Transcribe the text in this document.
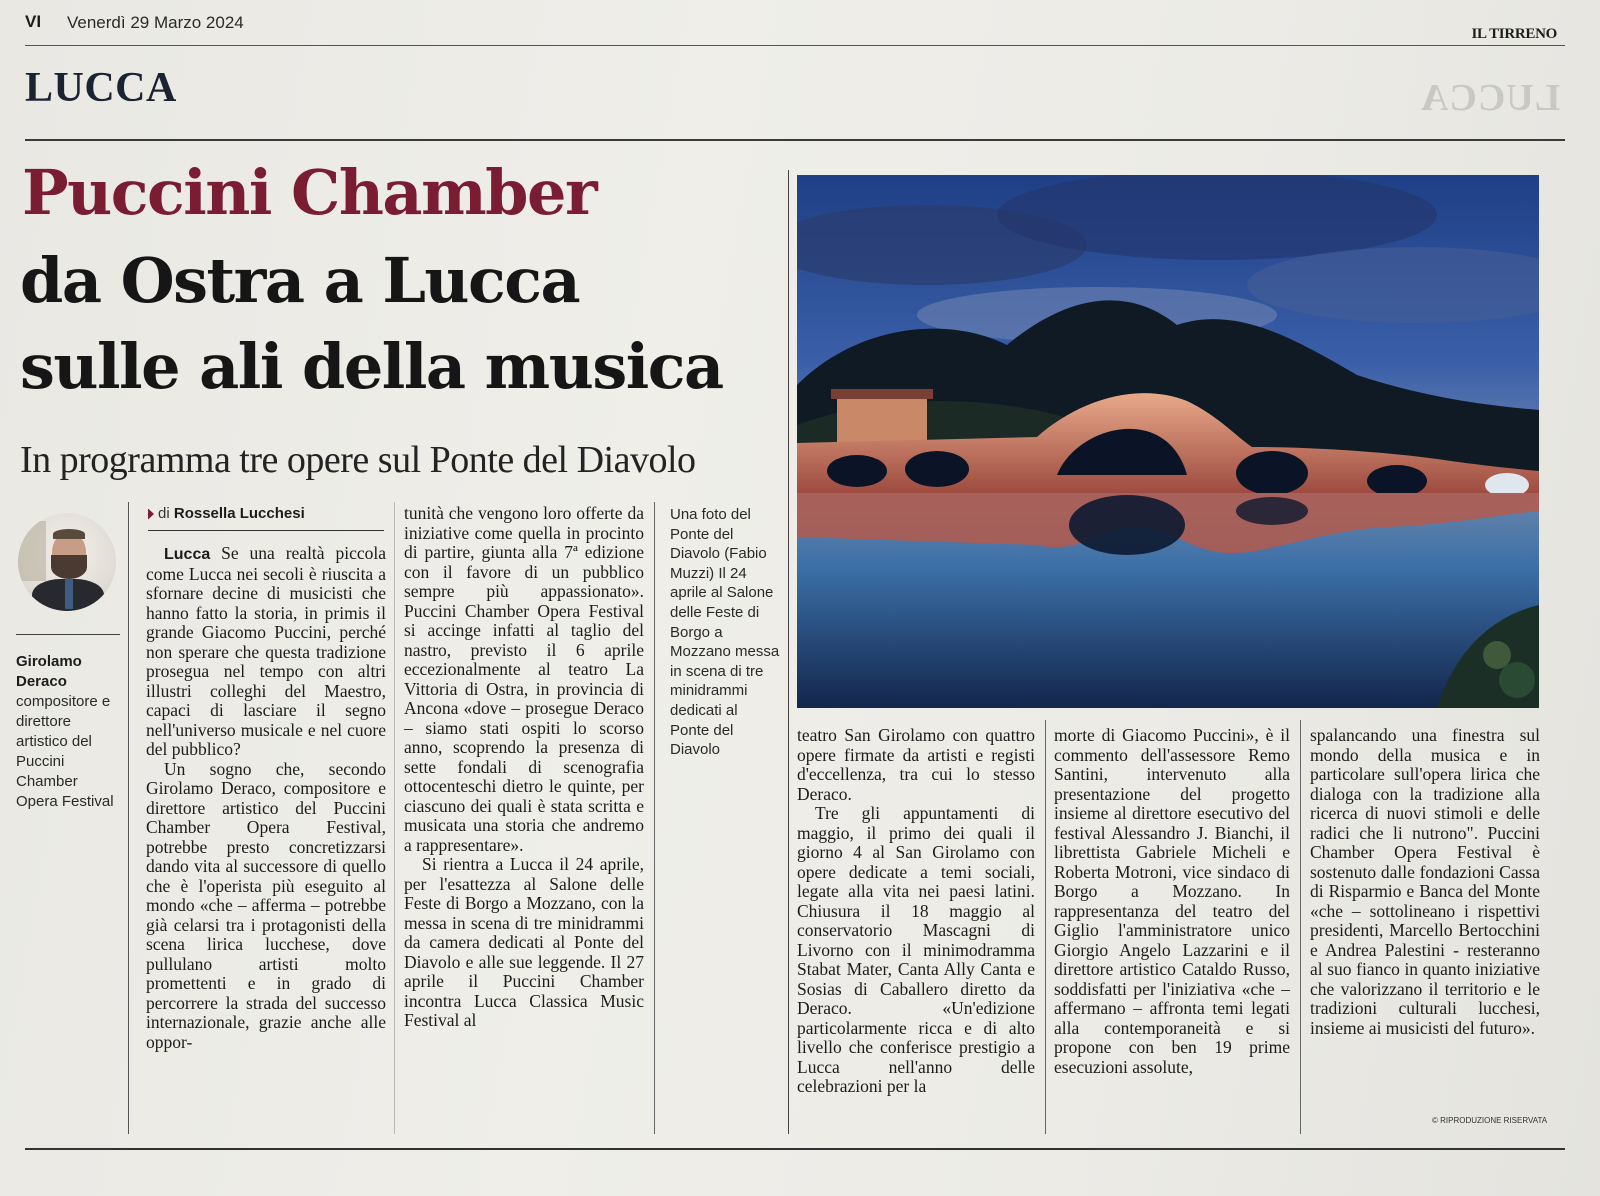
VI Venerdì 29 Marzo 2024
IL TIRRENO
LUCCA	LUCCA

Puccini Chamber
da Ostra a Lucca
sulle ali della musica
In programma tre opere sul Ponte del Diavolo
Girolamo Deraco
compositore e direttore artistico del Puccini Chamber Opera Festival
di Rossella Lucchesi

Lucca Se una realtà piccola come Lucca nei secoli è riuscita a sfornare decine di musicisti che hanno fatto la storia, in primis il grande Giacomo Puccini, perché non sperare che questa tradizione prosegua nel tempo con altri illustri colleghi del Maestro, capaci di lasciare il segno nell'universo musicale e nel cuore del pubblico?

Un sogno che, secondo Girolamo Deraco, compositore e direttore artistico del Puccini Chamber Opera Festival, potrebbe presto concretizzarsi dando vita al successore di quello che è l'operista più eseguito al mondo «che – afferma – potrebbe già celarsi tra i protagonisti della scena lirica lucchese, dove pullulano artisti molto promettenti e in grado di percorrere la strada del successo internazionale, grazie anche alle oppor-

tunità che vengono loro offerte da iniziative come quella in procinto di partire, giunta alla 7ª edizione con il favore di un pubblico sempre più appassionato». Puccini Chamber Opera Festival si accinge infatti al taglio del nastro, previsto il 6 aprile eccezionalmente al teatro La Vittoria di Ostra, in provincia di Ancona «dove – prosegue Deraco – siamo stati ospiti lo scorso anno, scoprendo la presenza di sette fondali di scenografia ottocenteschi dietro le quinte, per ciascuno dei quali è stata scritta e musicata una storia che andremo a rappresentare».

Si rientra a Lucca il 24 aprile, per l'esattezza al Salone delle Feste di Borgo a Mozzano, con la messa in scena di tre minidrammi da camera dedicati al Ponte del Diavolo e alle sue leggende. Il 27 aprile il Puccini Chamber incontra Lucca Classica Music Festival al

Una foto del Ponte del Diavolo (Fabio Muzzi) Il 24 aprile al Salone delle Feste di Borgo a Mozzano messa in scena di tre minidrammi dedicati al Ponte del Diavolo

teatro San Girolamo con quattro opere firmate da artisti e registi d'eccellenza, tra cui lo stesso Deraco.

Tre gli appuntamenti di maggio, il primo dei quali il giorno 4 al San Girolamo con opere dedicate a temi sociali, legate alla vita nei paesi latini. Chiusura il 18 maggio al conservatorio Mascagni di Livorno con il minimodramma Stabat Mater, Canta Ally Canta e Sosias di Caballero diretto da Deraco. «Un'edizione particolarmente ricca e di alto livello che conferisce prestigio a Lucca nell'anno delle celebrazioni per la

morte di Giacomo Puccini», è il commento dell'assessore Remo Santini, intervenuto alla presentazione del progetto insieme al direttore esecutivo del festival Alessandro J. Bianchi, il librettista Gabriele Micheli e Roberta Motroni, vice sindaco di Borgo a Mozzano. In rappresentanza del teatro del Giglio l'amministratore unico Giorgio Angelo Lazzarini e il direttore artistico Cataldo Russo, soddisfatti per l'iniziativa «che – affermano – affronta temi legati alla contemporaneità e si propone con ben 19 prime esecuzioni assolute,

spalancando una finestra sul mondo della musica e in particolare sull'opera lirica che dialoga con la tradizione alla ricerca di nuovi stimoli e delle radici che li nutrono". Puccini Chamber Opera Festival è sostenuto dalle fondazioni Cassa di Risparmio e Banca del Monte «che – sottolineano i rispettivi presidenti, Marcello Bertocchini e Andrea Palestini - resteranno al suo fianco in quanto iniziative che valorizzano il territorio e le tradizioni culturali lucchesi, insieme ai musicisti del futuro».

© RIPRODUZIONE RISERVATA
